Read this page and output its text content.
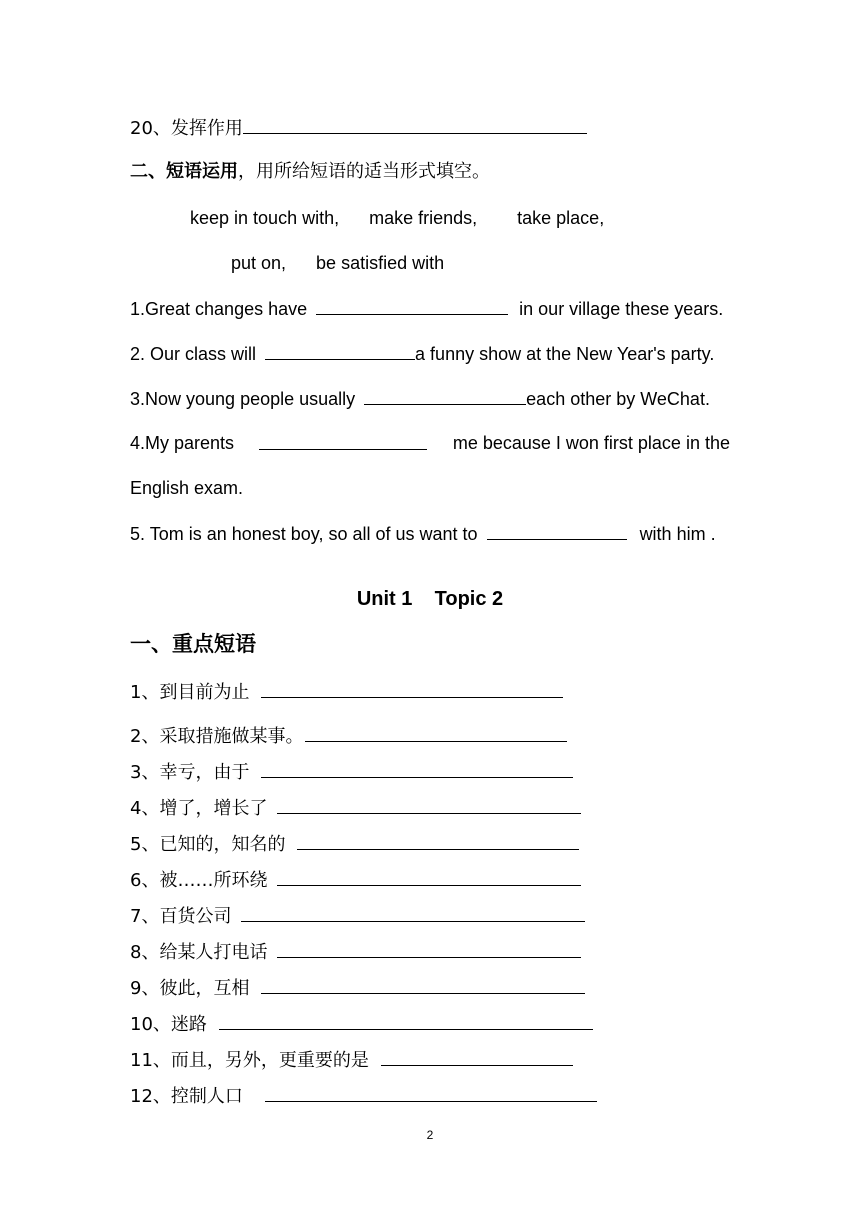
20、发挥作用
二、短语运用，用所给短语的适当形式填空。
keep in touch with, make friends, take place,
put on, be satisfied with
1.Great changes have	in our village these years.
2. Our class will	a funny show at the New Year's party.
3.Now young people usually	each other by WeChat.
4.My parents	me because I won first place in the
English exam.
5. Tom is an honest boy, so all of us want to	with him .
Unit 1    Topic 2
一、重点短语
1、到目前为止
2、采取措施做某事。
3、幸亏，由于
4、增了，增长了
5、已知的，知名的
6、被……所环绕
7、百货公司
8、给某人打电话
9、彼此，互相
10、迷路
11、而且，另外，更重要的是
12、控制人口
2
